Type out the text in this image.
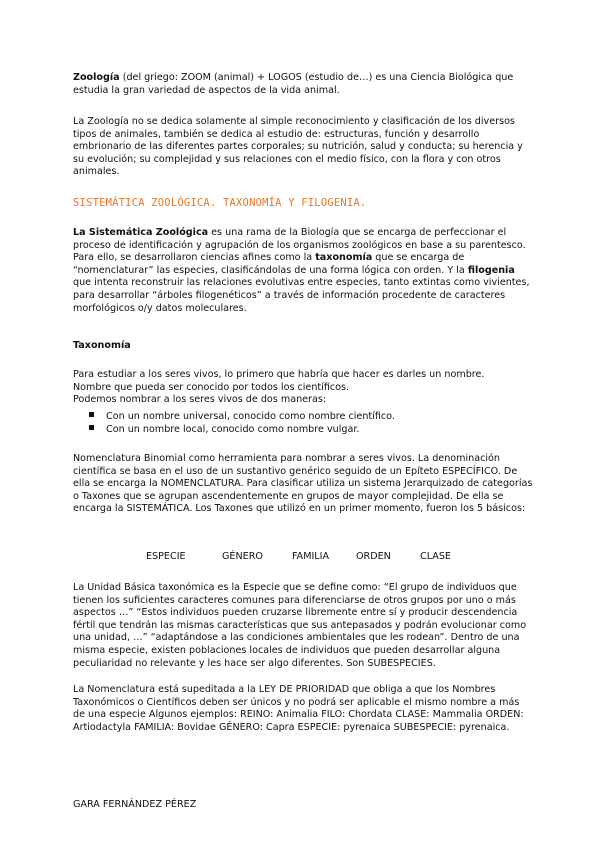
Zoología (del griego: ZOOM (animal) + LOGOS (estudio de…) es una Ciencia Biológica que estudia la gran variedad de aspectos de la vida animal.

La Zoología no se dedica solamente al simple reconocimiento y clasificación de los diversos tipos de animales, también se dedica al estudio de: estructuras, función y desarrollo embrionario de las diferentes partes corporales; su nutrición, salud y conducta; su herencia y su evolución; su complejidad y sus relaciones con el medio físico, con la flora y con otros animales.

SISTEMÁTICA ZOOLÓGICA. TAXONOMÍA Y FILOGENIA.

La Sistemática Zoológica es una rama de la Biología que se encarga de perfeccionar el proceso de identificación y agrupación de los organismos zoológicos en base a su parentesco. Para ello, se desarrollaron ciencias afines como la taxonomía que se encarga de “nomenclaturar” las especies, clasificándolas de una forma lógica con orden. Y la filogenia que intenta reconstruir las relaciones evolutivas entre especies, tanto extintas como vivientes, para desarrollar “árboles filogenéticos” a través de información procedente de caracteres morfológicos o/y datos moleculares.

Taxonomía

Para estudiar a los seres vivos, lo primero que habría que hacer es darles un nombre.
Nombre que pueda ser conocido por todos los científicos.
Podemos nombrar a los seres vivos de dos maneras:

Con un nombre universal, conocido como nombre científico.
Con un nombre local, conocido como nombre vulgar.

Nomenclatura Binomial como herramienta para nombrar a seres vivos. La denominación científica se basa en el uso de un sustantivo genérico seguido de un Epíteto ESPECÍFICO. De ella se encarga la NOMENCLATURA. Para clasificar utiliza un sistema Jerarquizado de categorías o Taxones que se agrupan ascendentemente en grupos de mayor complejidad. De ella se encarga la SISTEMÁTICA. Los Taxones que utilizó en un primer momento, fueron los 5 básicos:

ESPECIE	GÉNERO	FAMILIA	ORDEN	CLASE

La Unidad Básica taxonómica es la Especie que se define como: “El grupo de individuos que tienen los suficientes caracteres comunes para diferenciarse de otros grupos por uno o más aspectos …” “Estos individuos pueden cruzarse libremente entre sí y producir descendencia fértil que tendrán las mismas características que sus antepasados y podrán evolucionar como una unidad, …” “adaptándose a las condiciones ambientales que les rodean”. Dentro de una misma especie, existen poblaciones locales de individuos que pueden desarrollar alguna peculiaridad no relevante y les hace ser algo diferentes. Son SUBESPECIES.

La Nomenclatura está supeditada a la LEY DE PRIORIDAD que obliga a que los Nombres Taxonómicos o Científicos deben ser únicos y no podrá ser aplicable el mismo nombre a más de una especie Algunos ejemplos: REINO: Animalia FILO: Chordata CLASE: Mammalia ORDEN: Artiodactyla FAMILIA: Bovidae GÉNERO: Capra ESPECIE: pyrenaica SUBESPECIE: pyrenaica.

GARA FERNÁNDEZ PÉREZ
